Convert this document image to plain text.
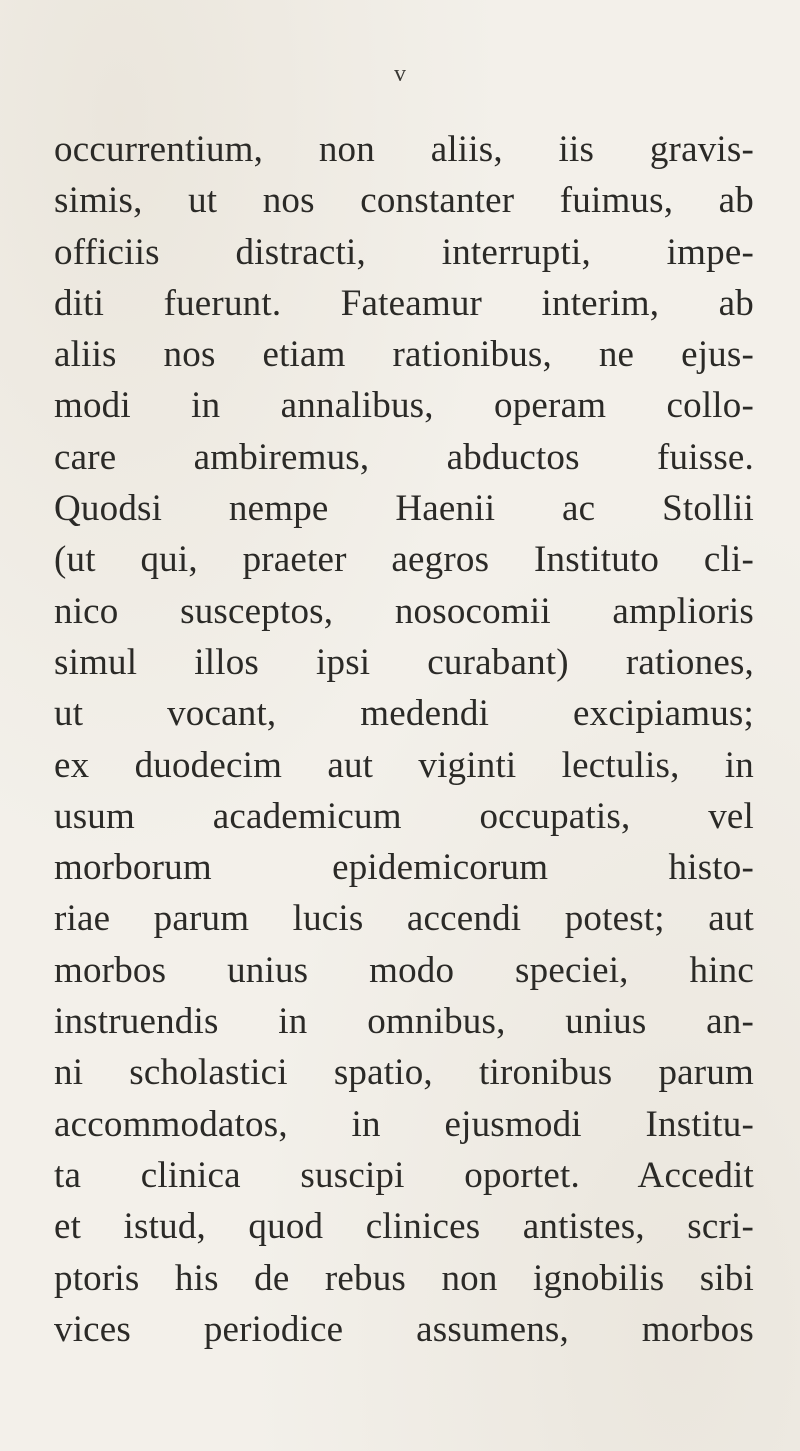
v
occurrentium, non aliis, iis gravis-
simis, ut nos constanter fuimus, ab
officiis distracti, interrupti, impe-
diti fuerunt. Fateamur interim, ab
aliis nos etiam rationibus, ne ejus-
modi in annalibus, operam collo-
care ambiremus, abductos fuisse.
Quodsi nempe Haenii ac Stollii
(ut qui, praeter aegros Instituto cli-
nico susceptos, nosocomii amplioris
simul illos ipsi curabant) rationes,
ut vocant, medendi excipiamus;
ex duodecim aut viginti lectulis, in
usum academicum occupatis, vel
morborum epidemicorum histo-
riae parum lucis accendi potest; aut
morbos unius modo speciei, hinc
instruendis in omnibus, unius an-
ni scholastici spatio, tironibus parum
accommodatos, in ejusmodi Institu-
ta clinica suscipi oportet. Accedit
et istud, quod clinices antistes, scri-
ptoris his de rebus non ignobilis sibi
vices periodice assumens, morbos
